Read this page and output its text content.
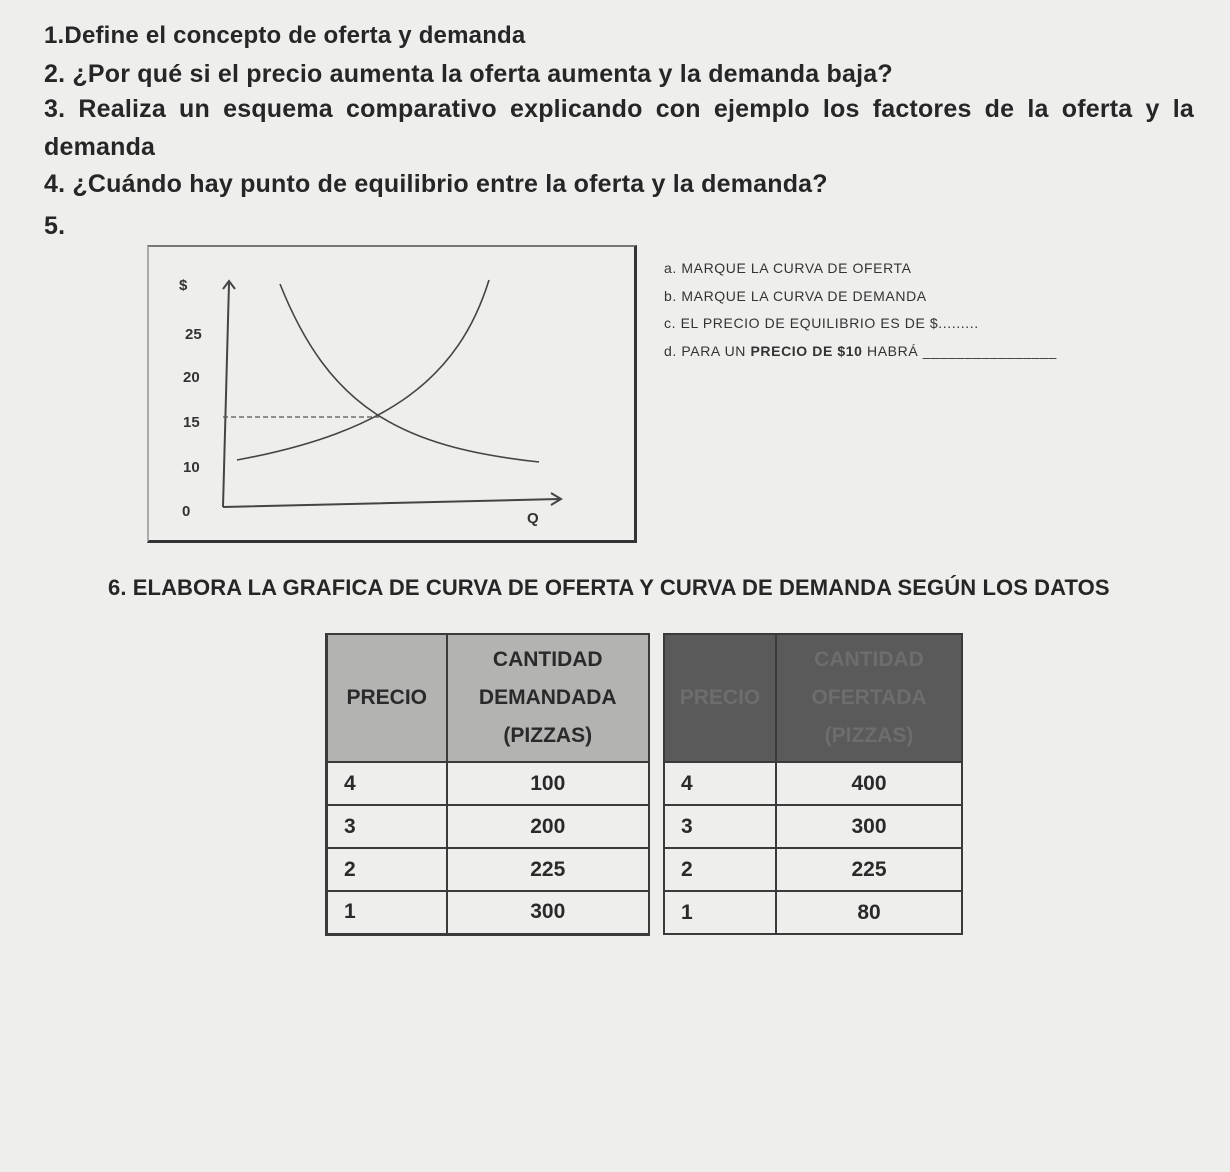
1.Define el concepto de oferta y demanda

2. ¿Por qué si el precio aumenta la oferta aumenta y la demanda baja?

3. Realiza un esquema comparativo explicando con ejemplo los factores de la oferta y la demanda

4. ¿Cuándo hay punto de equilibrio entre la oferta y la demanda?

5.

$
25
20
15
10
0	Q

a. MARQUE LA CURVA DE OFERTA

b. MARQUE LA CURVA DE DEMANDA

c. EL PRECIO DE EQUILIBRIO ES DE $.........

d. PARA UN PRECIO DE $10 HABRÁ ________________

6. ELABORA LA GRAFICA DE CURVA DE OFERTA Y CURVA DE DEMANDA SEGÚN LOS DATOS

PRECIO	CANTIDAD DEMANDADA (PIZZAS)
4	100
3	200
2	225
1	300
PRECIO	CANTIDAD OFERTADA (PIZZAS)
4	400
3	300
2	225
1	80
